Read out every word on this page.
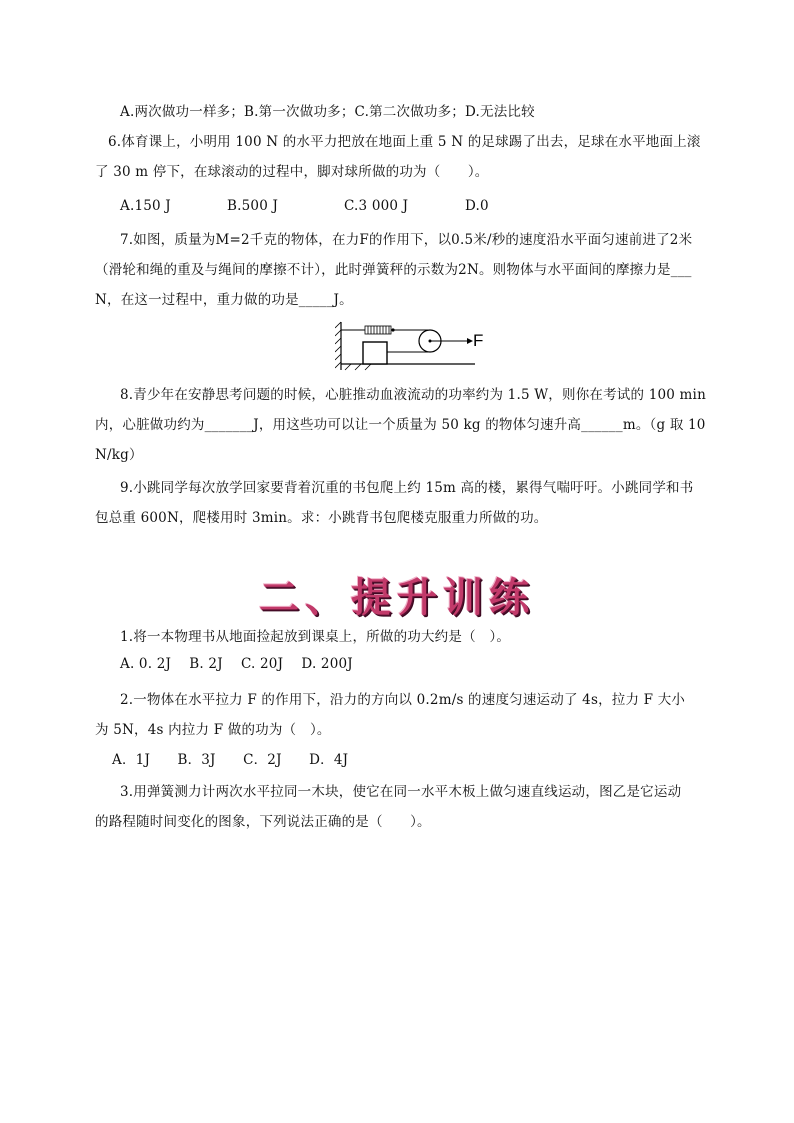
A.两次做功一样多；B.第一次做功多；C.第二次做功多；D.无法比较
6.体育课上，小明用 100 N 的水平力把放在地面上重 5 N 的足球踢了出去，足球在水平地面上滚
了 30 m 停下，在球滚动的过程中，脚对球所做的功为（　　）。
A.150 J	B.500 J	C.3 000 J	D.0
7.如图，质量为M=2千克的物体，在力F的作用下，以0.5米/秒的速度沿水平面匀速前进了2米
（滑轮和绳的重及与绳间的摩擦不计），此时弹簧秤的示数为2N。则物体与水平面间的摩擦力是___
N，在这一过程中，重力做的功是_____J。
F
8.青少年在安静思考问题的时候，心脏推动血液流动的功率约为 1.5 W，则你在考试的 100 min
内，心脏做功约为_______J，用这些功可以让一个质量为 50 kg 的物体匀速升高______m。（g 取 10
N/kg）
9.小跳同学每次放学回家要背着沉重的书包爬上约 15m 高的楼，累得气喘吁吁。小跳同学和书
包总重 600N，爬楼用时 3min。求：小跳背书包爬楼克服重力所做的功。
二、提升训练
1.将一本物理书从地面捡起放到课桌上，所做的功大约是（　）。
A. 0. 2J　 B. 2J　 C. 20J　 D. 200J
2.一物体在水平拉力 F 的作用下，沿力的方向以 0.2m/s 的速度匀速运动了 4s，拉力 F 大小
为 5N，4s 内拉力 F 做的功为（　）。
A．1J　　B．3J　　C．2J　　D．4J
3.用弹簧测力计两次水平拉同一木块，使它在同一水平木板上做匀速直线运动，图乙是它运动
的路程随时间变化的图象，下列说法正确的是（　　）。
